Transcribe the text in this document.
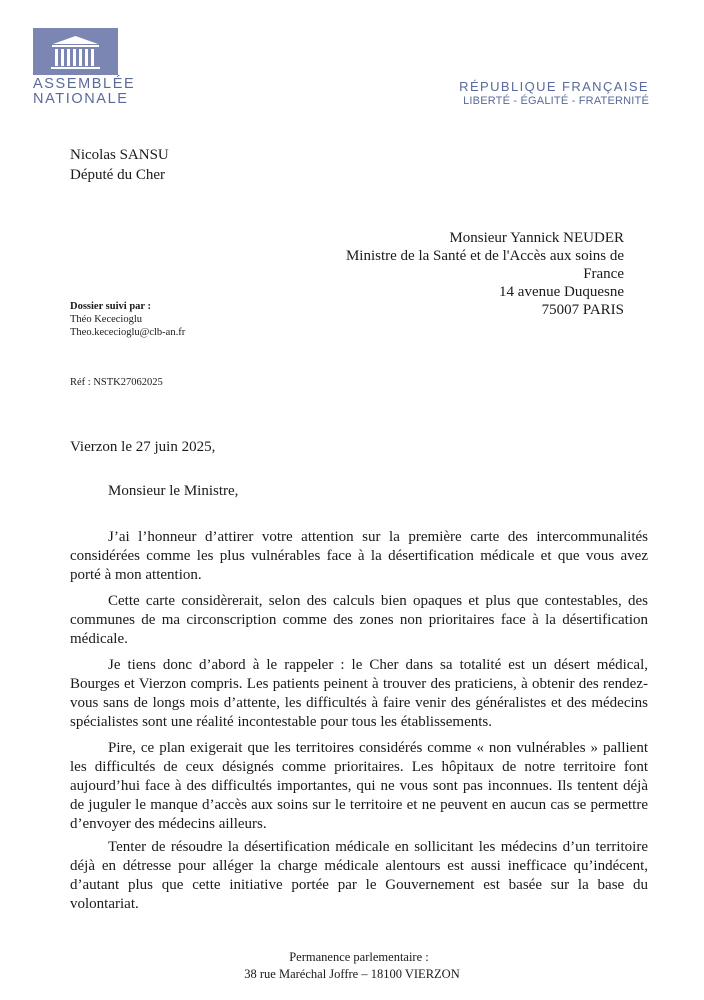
ASSEMBLÉE
NATIONALE
RÉPUBLIQUE FRANÇAISE
LIBERTÉ - ÉGALITÉ - FRATERNITÉ
Nicolas SANSU
Député du Cher
Monsieur Yannick NEUDER
Ministre de la Santé et de l'Accès aux soins de France
14 avenue Duquesne
75007 PARIS
Dossier suivi par :
Théo Kececioglu
Theo.kececioglu@clb-an.fr
Réf : NSTK27062025
Vierzon le 27 juin 2025,
Monsieur le Ministre,

J’ai l’honneur d’attirer votre attention sur la première carte des intercommunalités considérées comme les plus vulnérables face à la désertification médicale et que vous avez porté à mon attention.

Cette carte considèrerait, selon des calculs bien opaques et plus que contestables, des communes de ma circonscription comme des zones non prioritaires face à la désertification médicale.

Je tiens donc d’abord à le rappeler : le Cher dans sa totalité est un désert médical, Bourges et Vierzon compris. Les patients peinent à trouver des praticiens, à obtenir des rendez-vous sans de longs mois d’attente, les difficultés à faire venir des généralistes et des médecins spécialistes sont une réalité incontestable pour tous les établissements.

Pire, ce plan exigerait que les territoires considérés comme « non vulnérables » pallient les difficultés de ceux désignés comme prioritaires. Les hôpitaux de notre territoire font aujourd’hui face à des difficultés importantes, qui ne vous sont pas inconnues. Ils tentent déjà de juguler le manque d’accès aux soins sur le territoire et ne peuvent en aucun cas se permettre d’envoyer des médecins ailleurs.

Tenter de résoudre la désertification médicale en sollicitant les médecins d’un territoire déjà en détresse pour alléger la charge médicale alentours est aussi inefficace qu’indécent, d’autant plus que cette initiative portée par le Gouvernement est basée sur la base du volontariat.

Permanence parlementaire :
38 rue Maréchal Joffre – 18100 VIERZON
